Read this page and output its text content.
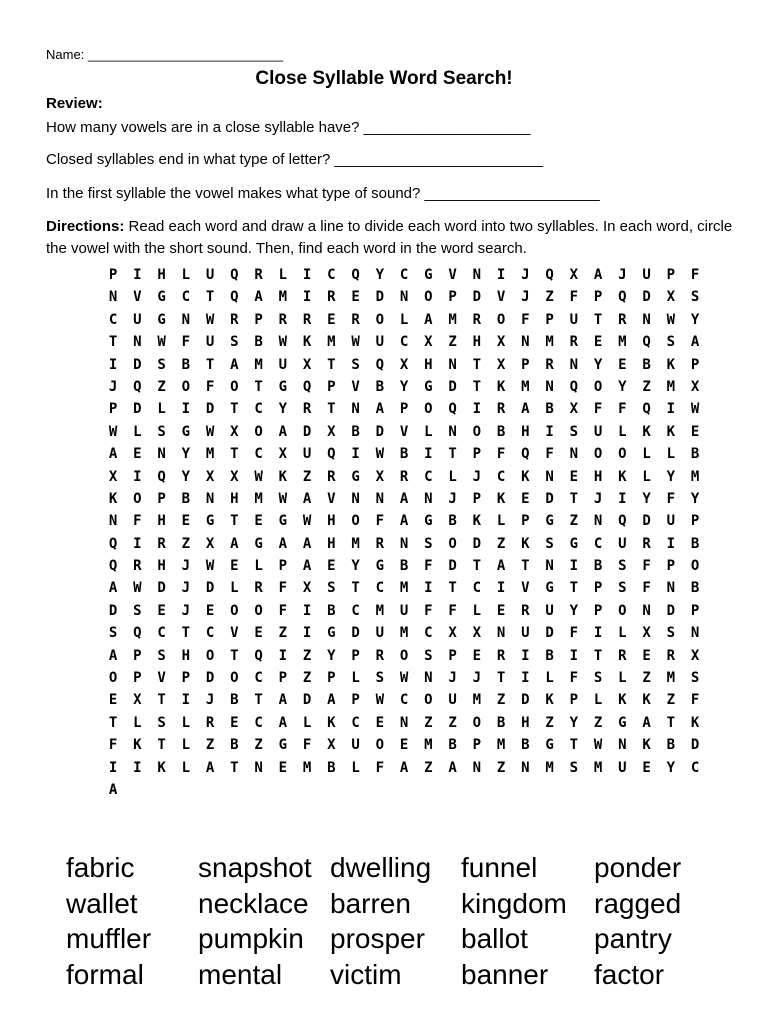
Name: ___________________________
Close Syllable Word Search!
Review:
How many vowels are in a close syllable have? ____________________
Closed syllables end in what type of letter? _________________________
In the first syllable the vowel makes what type of sound? _____________________
Directions: Read each word and draw a line to divide each word into two syllables. In each word, circle the vowel with the short sound. Then, find each word in the word search.
P	I	H	L	U	Q	R	L	I	C	Q	Y	C	G	V	N	I	J	Q	X	A	J	U	P	F
N	V	G	C	T	Q	A	M	I	R	E	D	N	O	P	D	V	J	Z	F	P	Q	D	X	S
C	U	G	N	W	R	P	R	R	E	R	O	L	A	M	R	O	F	P	U	T	R	N	W	Y
T	N	W	F	U	S	B	W	K	M	W	U	C	X	Z	H	X	N	M	R	E	M	Q	S	A
I	D	S	B	T	A	M	U	X	T	S	Q	X	H	N	T	X	P	R	N	Y	E	B	K	P
J	Q	Z	O	F	O	T	G	Q	P	V	B	Y	G	D	T	K	M	N	Q	O	Y	Z	M	X
P	D	L	I	D	T	C	Y	R	T	N	A	P	O	Q	I	R	A	B	X	F	F	Q	I	W
W	L	S	G	W	X	O	A	D	X	B	D	V	L	N	O	B	H	I	S	U	L	K	K	E
A	E	N	Y	M	T	C	X	U	Q	I	W	B	I	T	P	F	Q	F	N	O	O	L	L	B
X	I	Q	Y	X	X	W	K	Z	R	G	X	R	C	L	J	C	K	N	E	H	K	L	Y	M
K	O	P	B	N	H	M	W	A	V	N	N	A	N	J	P	K	E	D	T	J	I	Y	F	Y
N	F	H	E	G	T	E	G	W	H	O	F	A	G	B	K	L	P	G	Z	N	Q	D	U	P
Q	I	R	Z	X	A	G	A	A	H	M	R	N	S	O	D	Z	K	S	G	C	U	R	I	B
Q	R	H	J	W	E	L	P	A	E	Y	G	B	F	D	T	A	T	N	I	B	S	F	P	O
A	W	D	J	D	L	R	F	X	S	T	C	M	I	T	C	I	V	G	T	P	S	F	N	B
D	S	E	J	E	O	O	F	I	B	C	M	U	F	F	L	E	R	U	Y	P	O	N	D	P
S	Q	C	T	C	V	E	Z	I	G	D	U	M	C	X	X	N	U	D	F	I	L	X	S	N
A	P	S	H	O	T	Q	I	Z	Y	P	R	O	S	P	E	R	I	B	I	T	R	E	R	X
O	P	V	P	D	O	C	P	Z	P	L	S	W	N	J	J	T	I	L	F	S	L	Z	M	S
E	X	T	I	J	B	T	A	D	A	P	W	C	O	U	M	Z	D	K	P	L	K	K	Z	F
T	L	S	L	R	E	C	A	L	K	C	E	N	Z	Z	O	B	H	Z	Y	Z	G	A	T	K
F	K	T	L	Z	B	Z	G	F	X	U	O	E	M	B	P	M	B	G	T	W	N	K	B	D
I	I	K	L	A	T	N	E	M	B	L	F	A	Z	A	N	Z	N	M	S	M	U	E	Y	C
A
fabric	snapshot dwelling	funnel	ponder
wallet	necklace barren	kingdom ragged
muffler	pumpkin prosper	ballot	pantry
formal	mental	victim	banner	factor
